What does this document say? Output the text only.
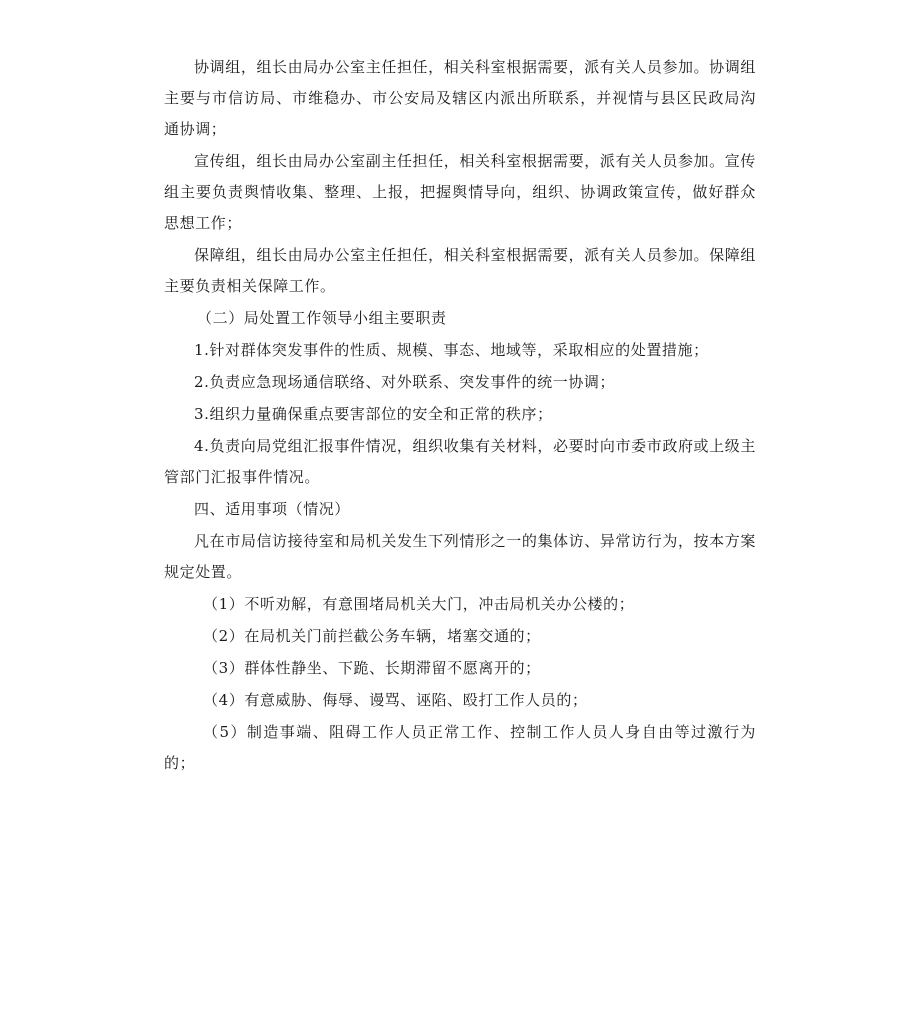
协调组，组长由局办公室主任担任，相关科室根据需要，派有关人员参加。协调组主要与市信访局、市维稳办、市公安局及辖区内派出所联系，并视情与县区民政局沟通协调；

宣传组，组长由局办公室副主任担任，相关科室根据需要，派有关人员参加。宣传组主要负责舆情收集、整理、上报，把握舆情导向，组织、协调政策宣传，做好群众思想工作；

保障组，组长由局办公室主任担任，相关科室根据需要，派有关人员参加。保障组主要负责相关保障工作。

（二）局处置工作领导小组主要职责

1.针对群体突发事件的性质、规模、事态、地域等，采取相应的处置措施；

2.负责应急现场通信联络、对外联系、突发事件的统一协调；

3.组织力量确保重点要害部位的安全和正常的秩序；

4.负责向局党组汇报事件情况，组织收集有关材料，必要时向市委市政府或上级主管部门汇报事件情况。

四、适用事项（情况）

凡在市局信访接待室和局机关发生下列情形之一的集体访、异常访行为，按本方案规定处置。

（1）不听劝解，有意围堵局机关大门，冲击局机关办公楼的；

（2）在局机关门前拦截公务车辆，堵塞交通的；

（3）群体性静坐、下跪、长期滞留不愿离开的；

（4）有意威胁、侮辱、谩骂、诬陷、殴打工作人员的；

（5）制造事端、阻碍工作人员正常工作、控制工作人员人身自由等过激行为的；
